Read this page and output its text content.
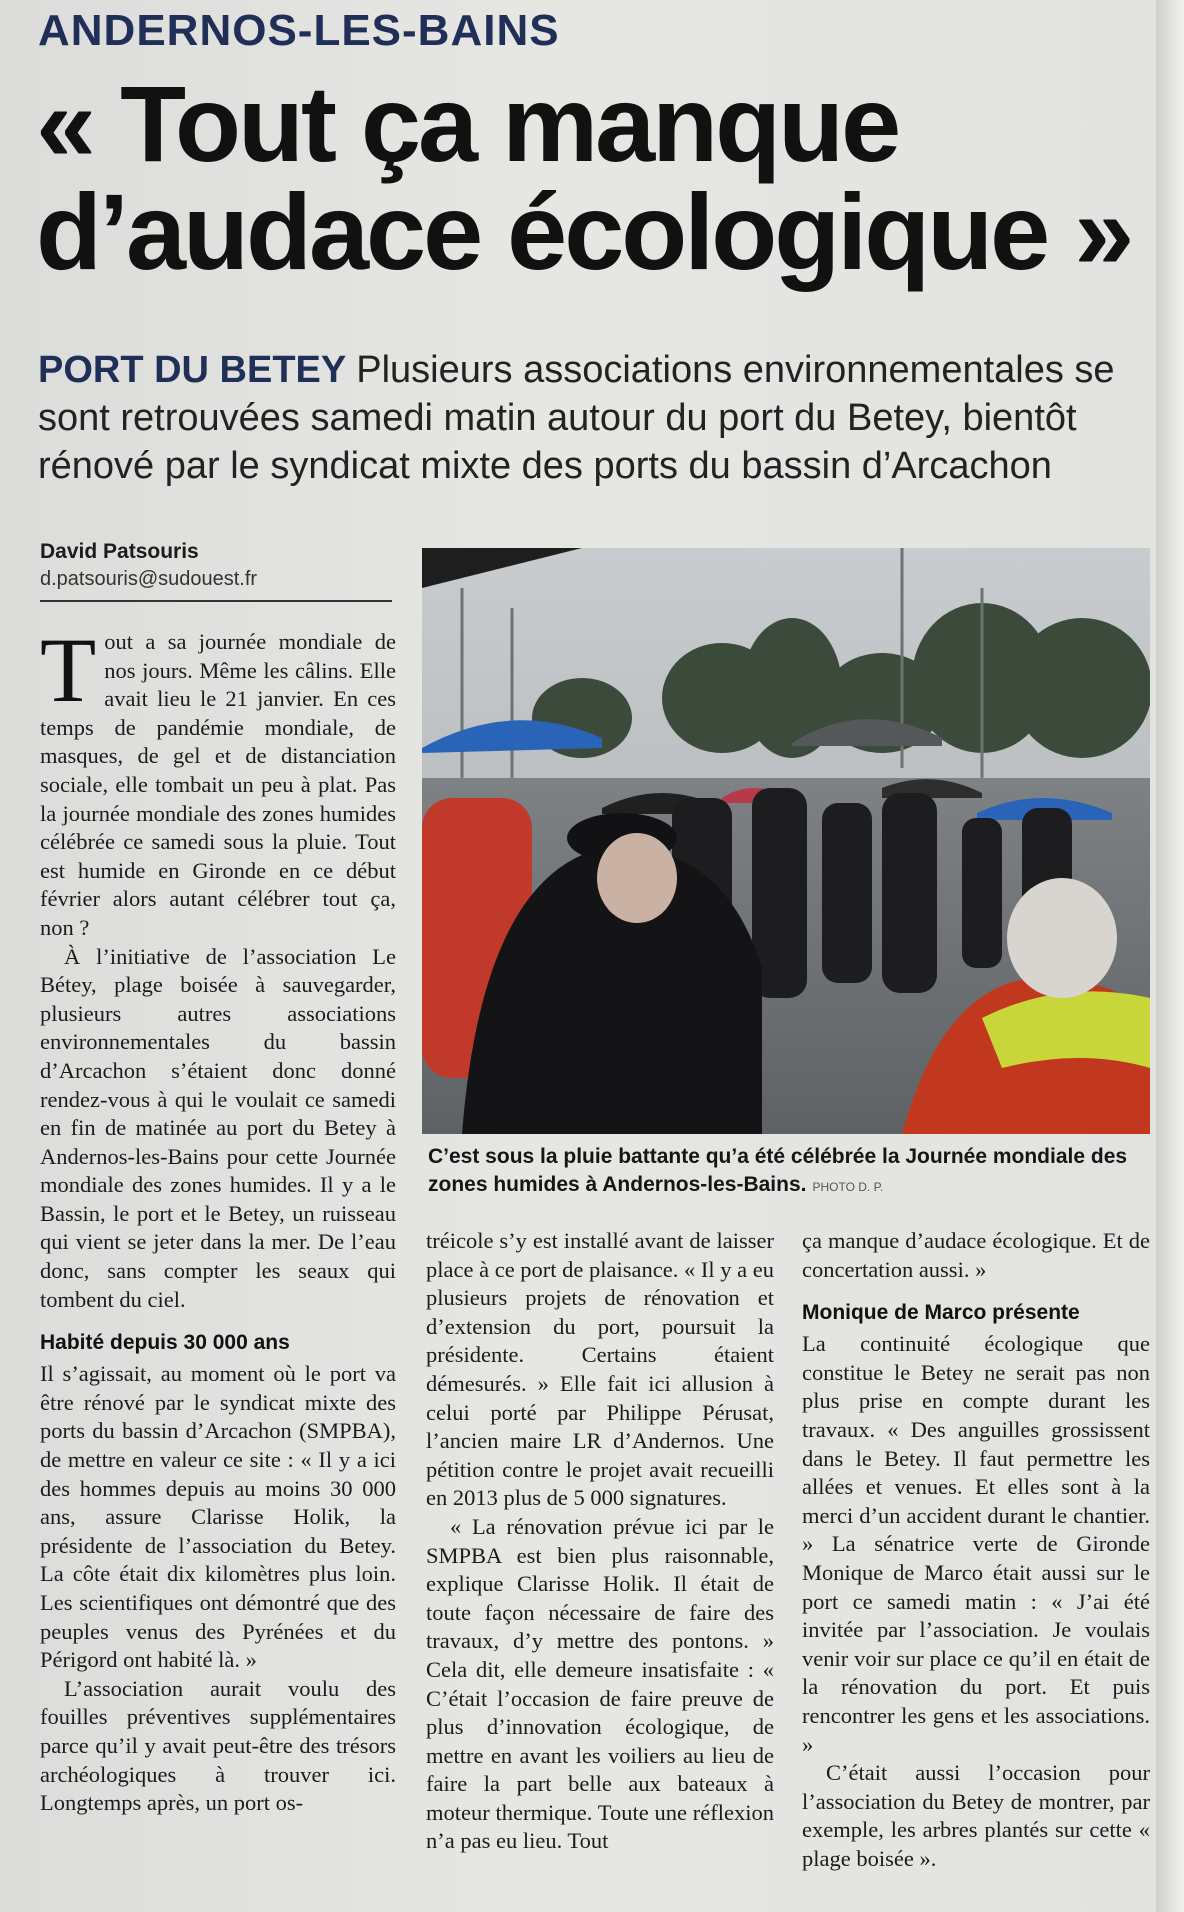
ANDERNOS-LES-BAINS
« Tout ça manque
d’audace écologique »
PORT DU BETEY Plusieurs associations environnementales se sont retrouvées samedi matin autour du port du Betey, bientôt rénové par le syndicat mixte des ports du bassin d’Arcachon
David Patsouris
d.patsouris@sudouest.fr
C’est sous la pluie battante qu’a été célébrée la Journée mondiale des zones humides à Andernos-les-Bains. PHOTO D. P.

Tout a sa journée mondiale de nos jours. Même les câlins. Elle avait lieu le 21 janvier. En ces temps de pandémie mondiale, de masques, de gel et de distanciation sociale, elle tombait un peu à plat. Pas la journée mondiale des zones humides célébrée ce samedi sous la pluie. Tout est humide en Gironde en ce début février alors autant célébrer tout ça, non ?

À l’initiative de l’association Le Bétey, plage boisée à sauvegarder, plusieurs autres associations environnementales du bassin d’Arcachon s’étaient donc donné rendez-vous à qui le voulait ce samedi en fin de matinée au port du Betey à Andernos-les-Bains pour cette Journée mondiale des zones humides. Il y a le Bassin, le port et le Betey, un ruisseau qui vient se jeter dans la mer. De l’eau donc, sans compter les seaux qui tombent du ciel.

Habité depuis 30 000 ans

Il s’agissait, au moment où le port va être rénové par le syndicat mixte des ports du bassin d’Arcachon (SMPBA), de mettre en valeur ce site : « Il y a ici des hommes depuis au moins 30 000 ans, assure Clarisse Holik, la présidente de l’association du Betey. La côte était dix kilomètres plus loin. Les scientifiques ont démontré que des peuples venus des Pyrénées et du Périgord ont habité là. »

L’association aurait voulu des fouilles préventives supplémentaires parce qu’il y avait peut-être des trésors archéologiques à trouver ici. Longtemps après, un port os-

tréicole s’y est installé avant de laisser place à ce port de plaisance. « Il y a eu plusieurs projets de rénovation et d’extension du port, poursuit la présidente. Certains étaient démesurés. » Elle fait ici allusion à celui porté par Philippe Pérusat, l’ancien maire LR d’Andernos. Une pétition contre le projet avait recueilli en 2013 plus de 5 000 signatures.

« La rénovation prévue ici par le SMPBA est bien plus raisonnable, explique Clarisse Holik. Il était de toute façon nécessaire de faire des travaux, d’y mettre des pontons. » Cela dit, elle demeure insatisfaite : « C’était l’occasion de faire preuve de plus d’innovation écologique, de mettre en avant les voiliers au lieu de faire la part belle aux bateaux à moteur thermique. Toute une réflexion n’a pas eu lieu. Tout

ça manque d’audace écologique. Et de concertation aussi. »

Monique de Marco présente

La continuité écologique que constitue le Betey ne serait pas non plus prise en compte durant les travaux. « Des anguilles grossissent dans le Betey. Il faut permettre les allées et venues. Et elles sont à la merci d’un accident durant le chantier. » La sénatrice verte de Gironde Monique de Marco était aussi sur le port ce samedi matin : « J’ai été invitée par l’association. Je voulais venir voir sur place ce qu’il en était de la rénovation du port. Et puis rencontrer les gens et les associations. »

C’était aussi l’occasion pour l’association du Betey de montrer, par exemple, les arbres plantés sur cette « plage boisée ».
